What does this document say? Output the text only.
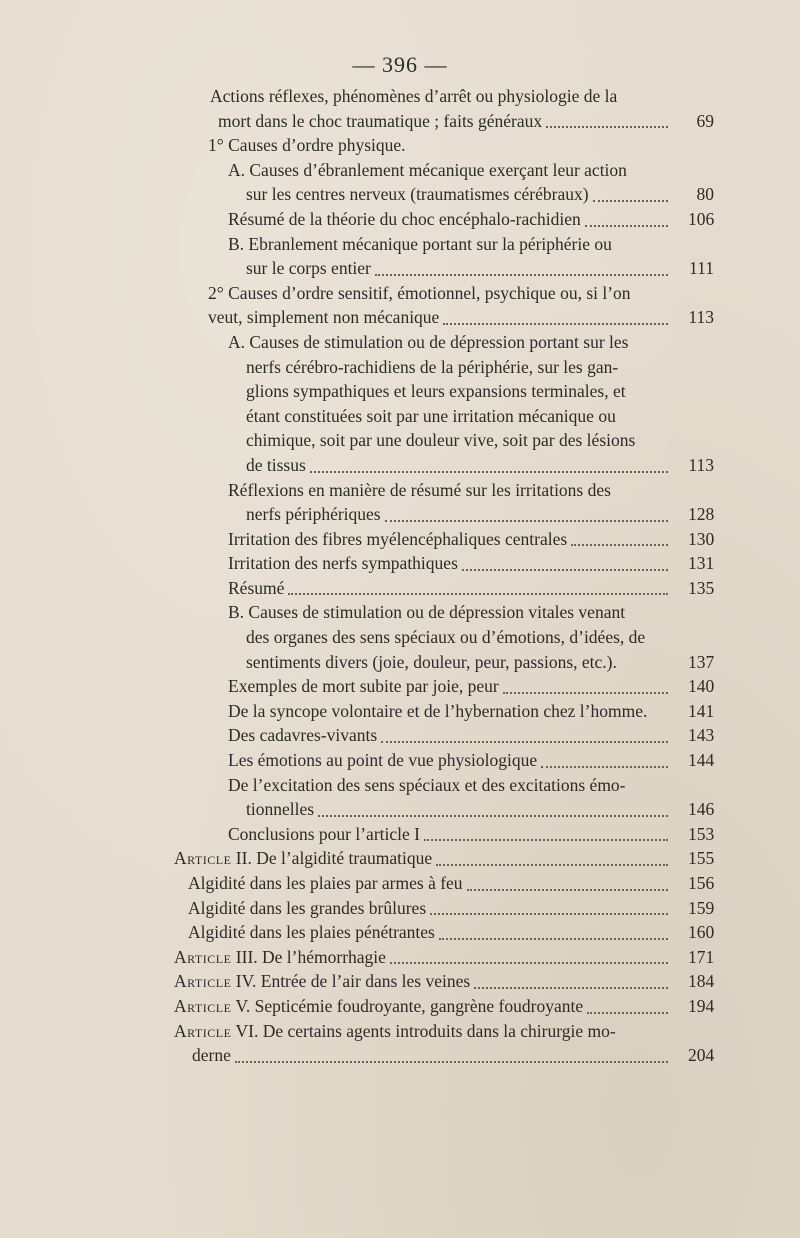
— 396 —
Actions réflexes, phénomènes d’arrêt ou physiologie de la
mort dans le choc traumatique ; faits généraux	69
1° Causes d’ordre physique.
A. Causes d’ébranlement mécanique exerçant leur action
sur les centres nerveux (traumatismes cérébraux)	80
Résumé de la théorie du choc encéphalo-rachidien	106
B. Ebranlement mécanique portant sur la périphérie ou
sur le corps entier	111
2° Causes d’ordre sensitif, émotionnel, psychique ou, si l’on
veut, simplement non mécanique	113
A. Causes de stimulation ou de dépression portant sur les
nerfs cérébro-rachidiens de la périphérie, sur les gan-
glions sympathiques et leurs expansions terminales, et
étant constituées soit par une irritation mécanique ou
chimique, soit par une douleur vive, soit par des lésions
de tissus	113
Réflexions en manière de résumé sur les irritations des
nerfs périphériques	128
Irritation des fibres myélencéphaliques centrales	130
Irritation des nerfs sympathiques	131
Résumé	135
B. Causes de stimulation ou de dépression vitales venant
des organes des sens spéciaux ou d’émotions, d’idées, de
sentiments divers (joie, douleur, peur, passions, etc.).	137
Exemples de mort subite par joie, peur	140
De la syncope volontaire et de l’hybernation chez l’homme. 141
Des cadavres-vivants	143
Les émotions au point de vue physiologique	144
De l’excitation des sens spéciaux et des excitations émo-
tionnelles	146
Conclusions pour l’article I	153
Article II. De l’algidité traumatique	155
Algidité dans les plaies par armes à feu	156
Algidité dans les grandes brûlures	159
Algidité dans les plaies pénétrantes	160
Article III. De l’hémorrhagie	171
Article IV. Entrée de l’air dans les veines	184
Article V. Septicémie foudroyante, gangrène foudroyante	194
Article VI. De certains agents introduits dans la chirurgie mo-
derne	204
